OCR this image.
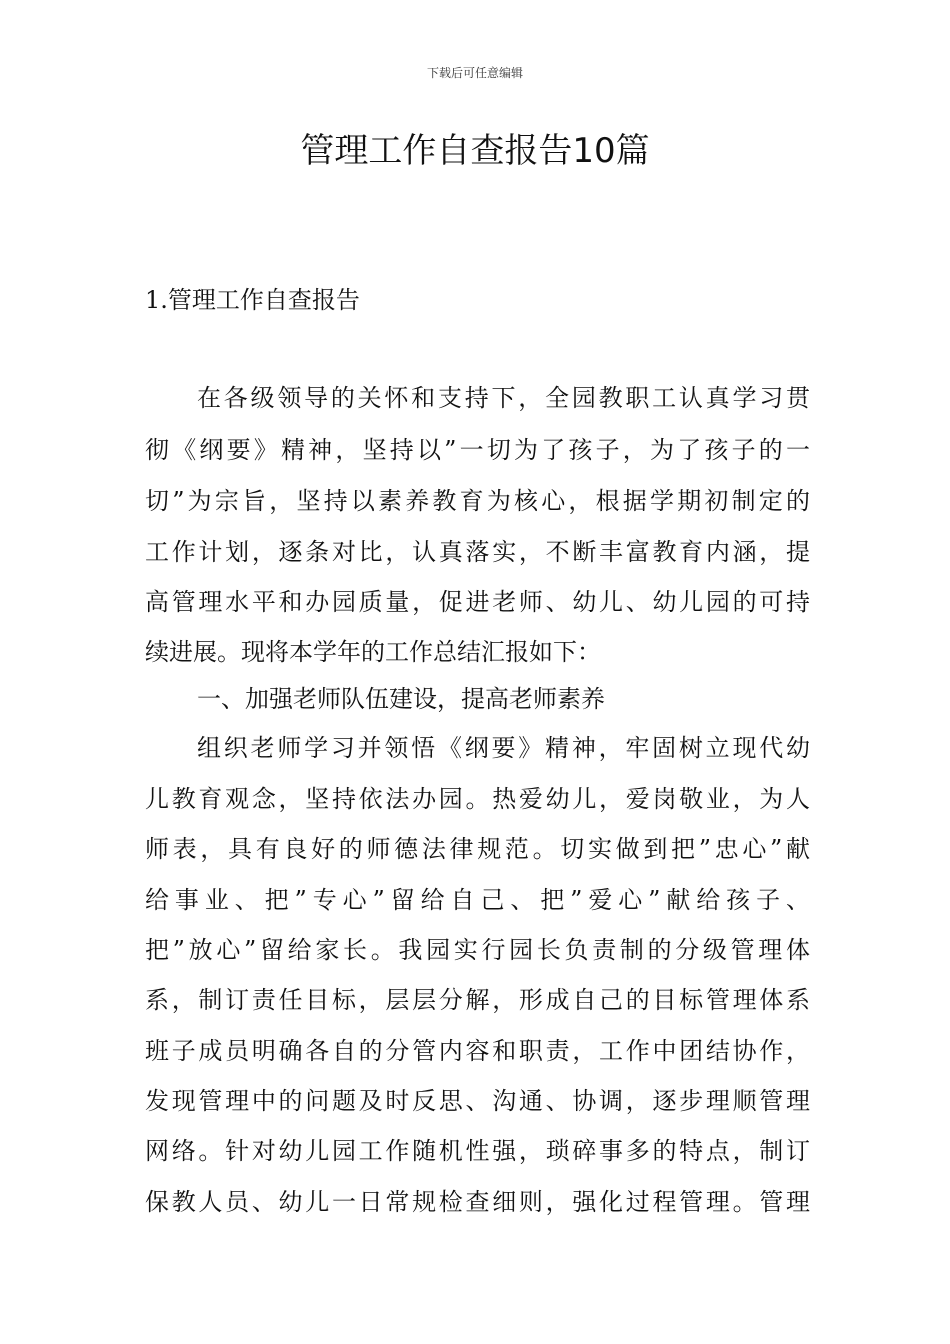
下载后可任意编辑
管理工作自查报告10篇
1.管理工作自查报告
在各级领导的关怀和支持下，全园教职工认真学习贯
彻《纲要》精神，坚持以”一切为了孩子，为了孩子的一
切”为宗旨，坚持以素养教育为核心，根据学期初制定的
工作计划，逐条对比，认真落实，不断丰富教育内涵，提
高管理水平和办园质量，促进老师、幼儿、幼儿园的可持
续进展。现将本学年的工作总结汇报如下：
一、加强老师队伍建设，提高老师素养
组织老师学习并领悟《纲要》精神，牢固树立现代幼
儿教育观念，坚持依法办园。热爱幼儿，爱岗敬业，为人
师表，具有良好的师德法律规范。切实做到把”忠心”献
给事业、把”专心”留给自己、把”爱心”献给孩子、
把”放心”留给家长。我园实行园长负责制的分级管理体
系，制订责任目标，层层分解，形成自己的目标管理体系
班子成员明确各自的分管内容和职责，工作中团结协作，
发现管理中的问题及时反思、沟通、协调，逐步理顺管理
网络。针对幼儿园工作随机性强，琐碎事多的特点，制订
保教人员、幼儿一日常规检查细则，强化过程管理。管理
